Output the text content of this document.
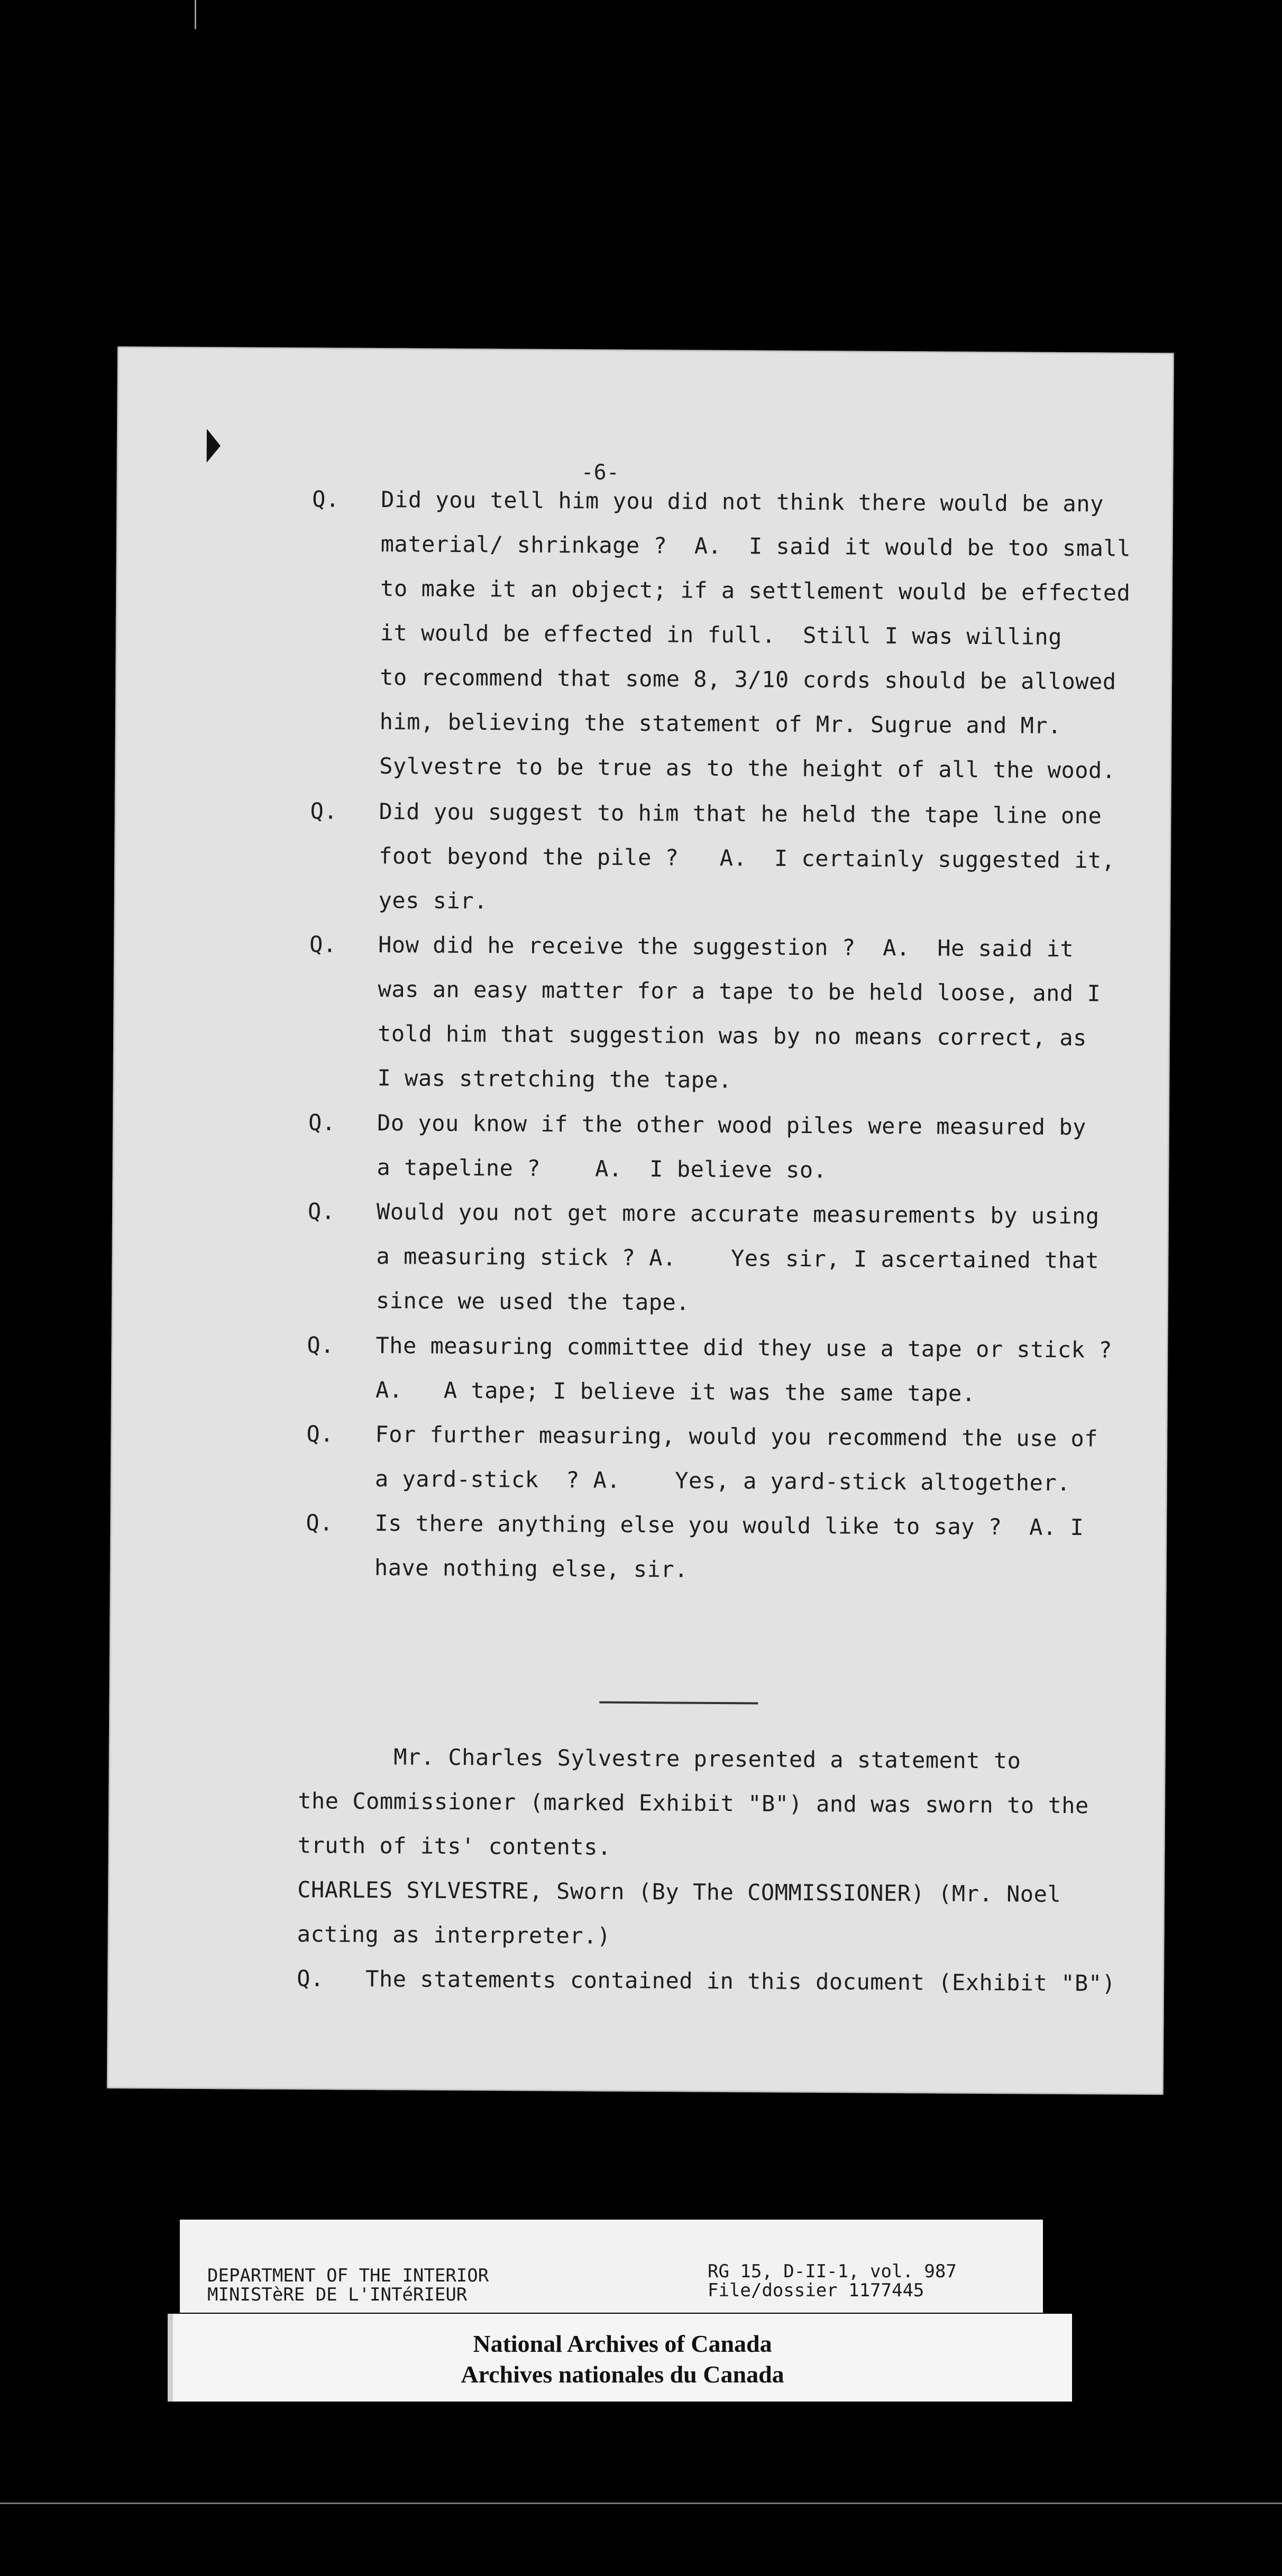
-6-
Q. Did you tell him you did not think there would be any
material/ shrinkage ?  A.  I said it would be too small
to make it an object; if a settlement would be effected
it would be effected in full.  Still I was willing
to recommend that some 8, 3/10 cords should be allowed
him, believing the statement of Mr. Sugrue and Mr.
Sylvestre to be true as to the height of all the wood.
Q. Did you suggest to him that he held the tape line one
foot beyond the pile ?   A.  I certainly suggested it,
yes sir.
Q. How did he receive the suggestion ?  A.  He said it
was an easy matter for a tape to be held loose, and I
told him that suggestion was by no means correct, as
I was stretching the tape.
Q. Do you know if the other wood piles were measured by
a tapeline ?    A.  I believe so.
Q. Would you not get more accurate measurements by using
a measuring stick ? A.    Yes sir, I ascertained that
since we used the tape.
Q. The measuring committee did they use a tape or stick ?
A.   A tape; I believe it was the same tape.
Q. For further measuring, would you recommend the use of
a yard-stick  ? A.    Yes, a yard-stick altogether.
Q. Is there anything else you would like to say ?  A. I
have nothing else, sir.
Mr. Charles Sylvestre presented a statement to
the Commissioner (marked Exhibit "B") and was sworn to the
truth of its' contents.
CHARLES SYLVESTRE, Sworn (By The COMMISSIONER) (Mr. Noel
acting as interpreter.)
Q. The statements contained in this document (Exhibit "B")
DEPARTMENT OF THE INTERIOR
MINISTèRE DE L'INTéRIEUR
RG 15, D-II-1, vol. 987
File/dossier 1177445
National Archives of Canada
Archives nationales du Canada
